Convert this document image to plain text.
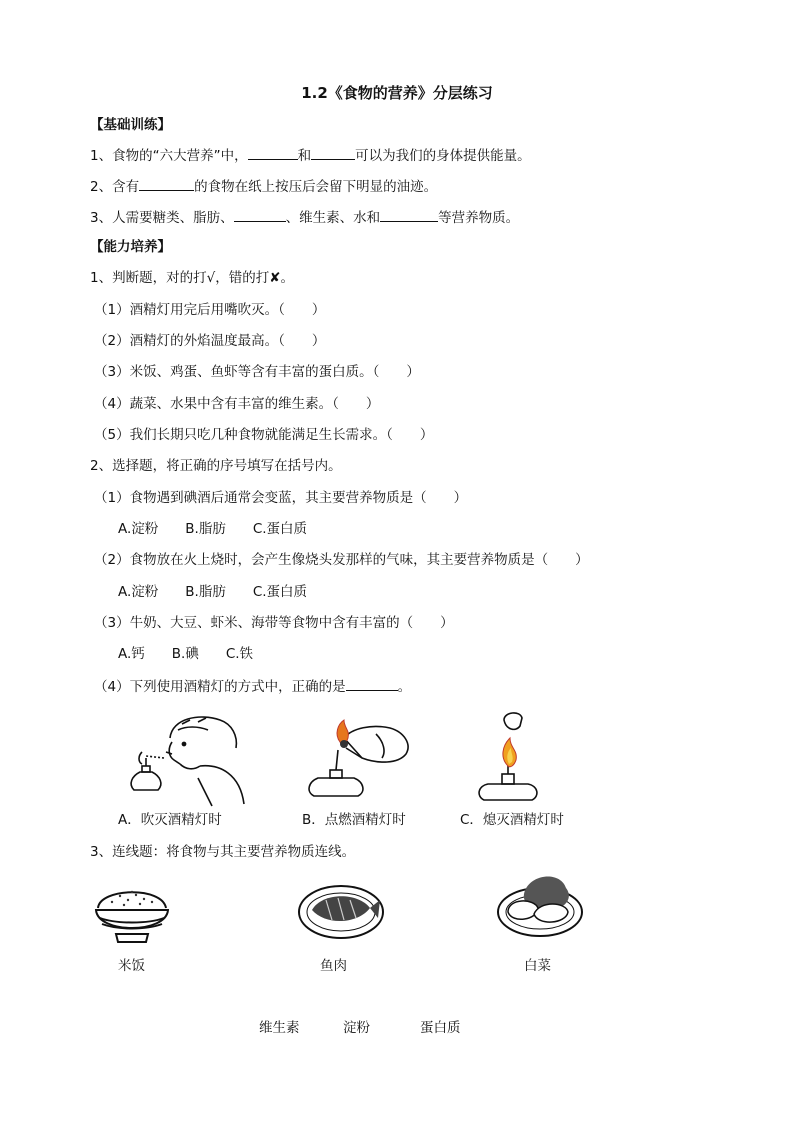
1.2《食物的营养》分层练习
【基础训练】
1、食物的“六大营养”中，	和	可以为我们的身体提供能量。
2、含有	的食物在纸上按压后会留下明显的油迹。
3、人需要糖类、脂肪、	、维生素、水和	等营养物质。
【能力培养】
1、判断题，对的打√，错的打✘。
（1）酒精灯用完后用嘴吹灭。（　　）
（2）酒精灯的外焰温度最高。（　　）
（3）米饭、鸡蛋、鱼虾等含有丰富的蛋白质。（　　）
（4）蔬菜、水果中含有丰富的维生素。（　　）
（5）我们长期只吃几种食物就能满足生长需求。（　　）
2、选择题，将正确的序号填写在括号内。
（1）食物遇到碘酒后通常会变蓝，其主要营养物质是（　　）
A.淀粉　　B.脂肪　　C.蛋白质
（2）食物放在火上烧时，会产生像烧头发那样的气味，其主要营养物质是（　　）
A.淀粉　　B.脂肪　　C.蛋白质
（3）牛奶、大豆、虾米、海带等食物中含有丰富的（　　）
A.钙　　B.碘　　C.铁
（4）下列使用酒精灯的方式中，正确的是	。
A．吹灭酒精灯时	B．点燃酒精灯时	C．熄灭酒精灯时
3、连线题：将食物与其主要营养物质连线。
米饭	鱼肉	白菜
维生素	淀粉	蛋白质
